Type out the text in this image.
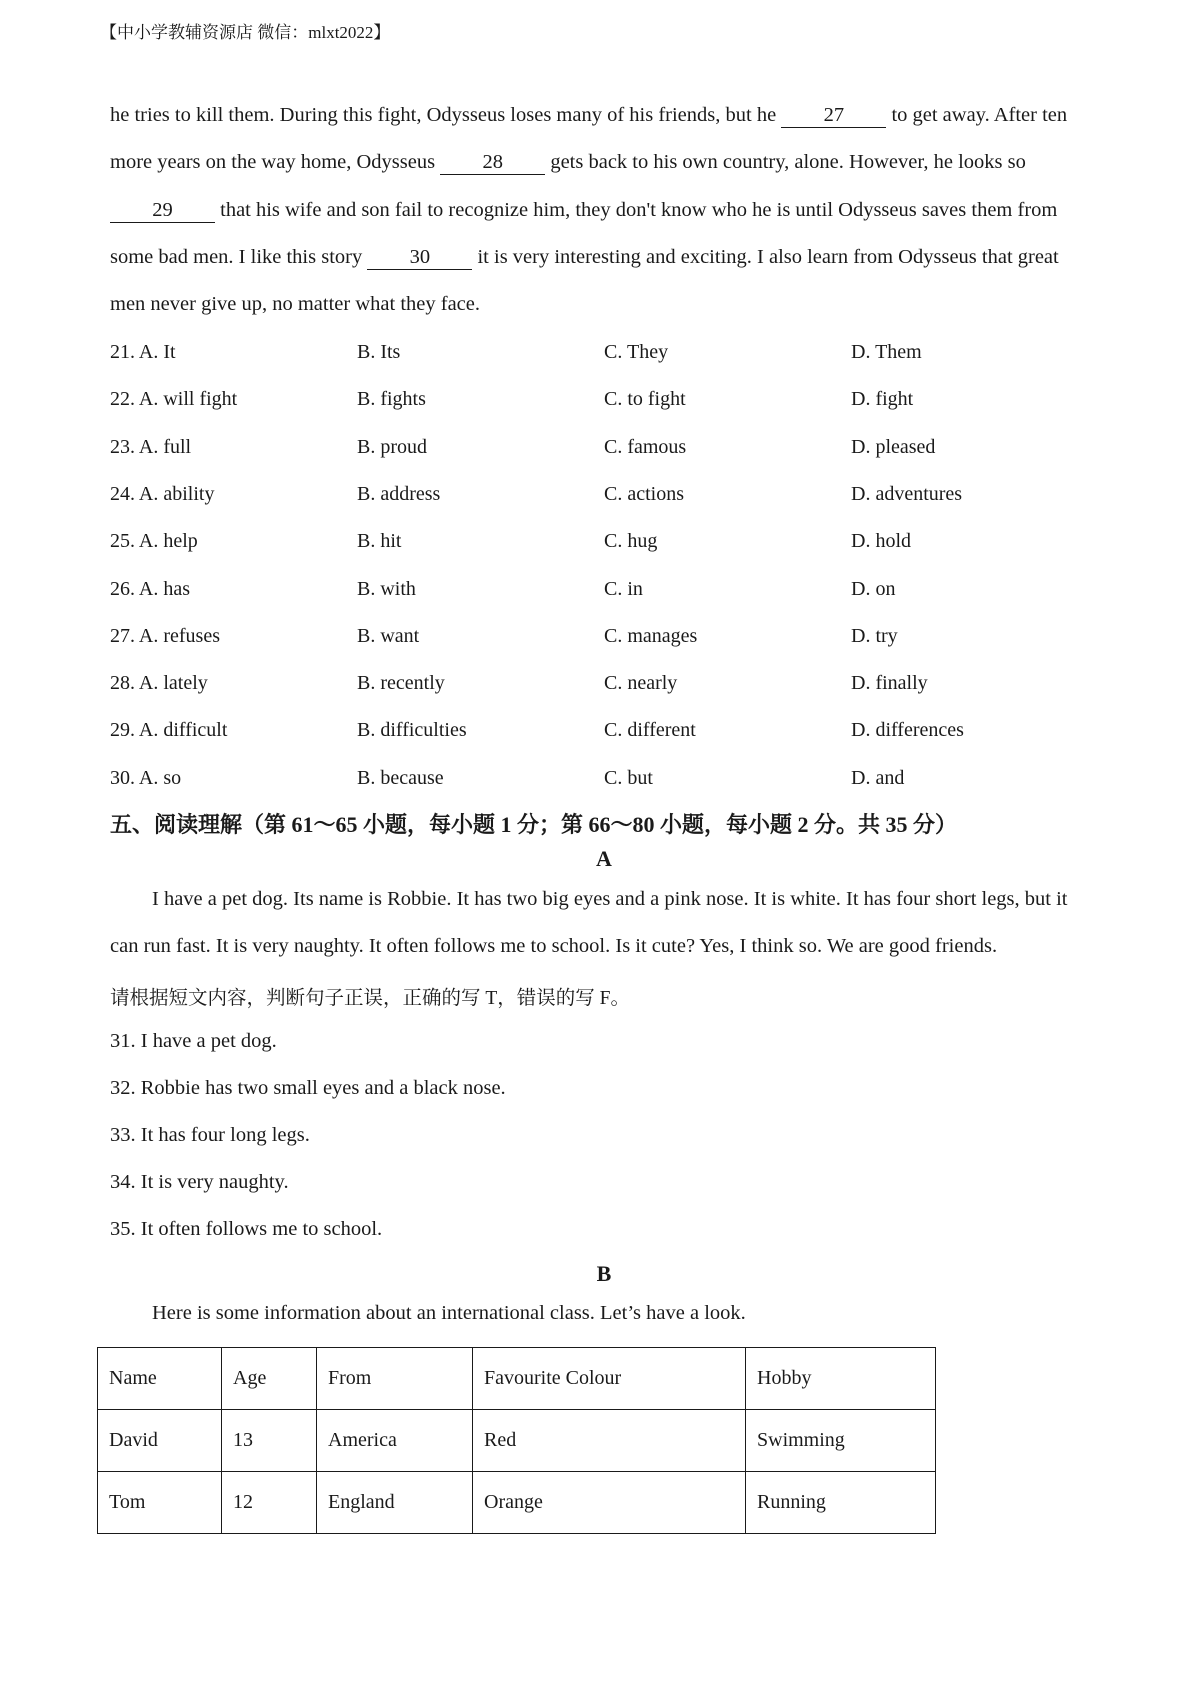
【中小学教辅资源店 微信：mlxt2022】
he tries to kill them. During this fight, Odysseus loses many of his friends, but he 27 to get away. After ten
more years on the way home, Odysseus 28 gets back to his own country, alone. However, he looks so
29 that his wife and son fail to recognize him, they don't know who he is until Odysseus saves them from
some bad men. I like this story 30 it is very interesting and exciting. I also learn from Odysseus that great
men never give up, no matter what they face.
21. A. It	B. Its	C. They	D. Them
22. A. will fight	B. fights	C. to fight	D. fight
23. A. full	B. proud	C. famous	D. pleased
24. A. ability	B. address	C. actions	D. adventures
25. A. help	B. hit	C. hug	D. hold
26. A. has	B. with	C. in	D. on
27. A. refuses	B. want	C. manages	D. try
28. A. lately	B. recently	C. nearly	D. finally
29. A. difficult	B. difficulties	C. different	D. differences
30. A. so	B. because	C. but	D. and
五、阅读理解（第 61～65 小题，每小题 1 分；第 66～80 小题，每小题 2 分。共 35 分）
A
I have a pet dog. Its name is Robbie. It has two big eyes and a pink nose. It is white. It has four short legs, but it
can run fast. It is very naughty. It often follows me to school. Is it cute? Yes, I think so. We are good friends.
请根据短文内容，判断句子正误，正确的写 T，错误的写 F。
31. I have a pet dog.
32. Robbie has two small eyes and a black nose.
33. It has four long legs.
34. It is very naughty.
35. It often follows me to school.
B
Here is some information about an international class. Let’s have a look.
Name	Age	From	Favourite Colour	Hobby
David	13	America	Red	Swimming
Tom	12	England	Orange	Running
